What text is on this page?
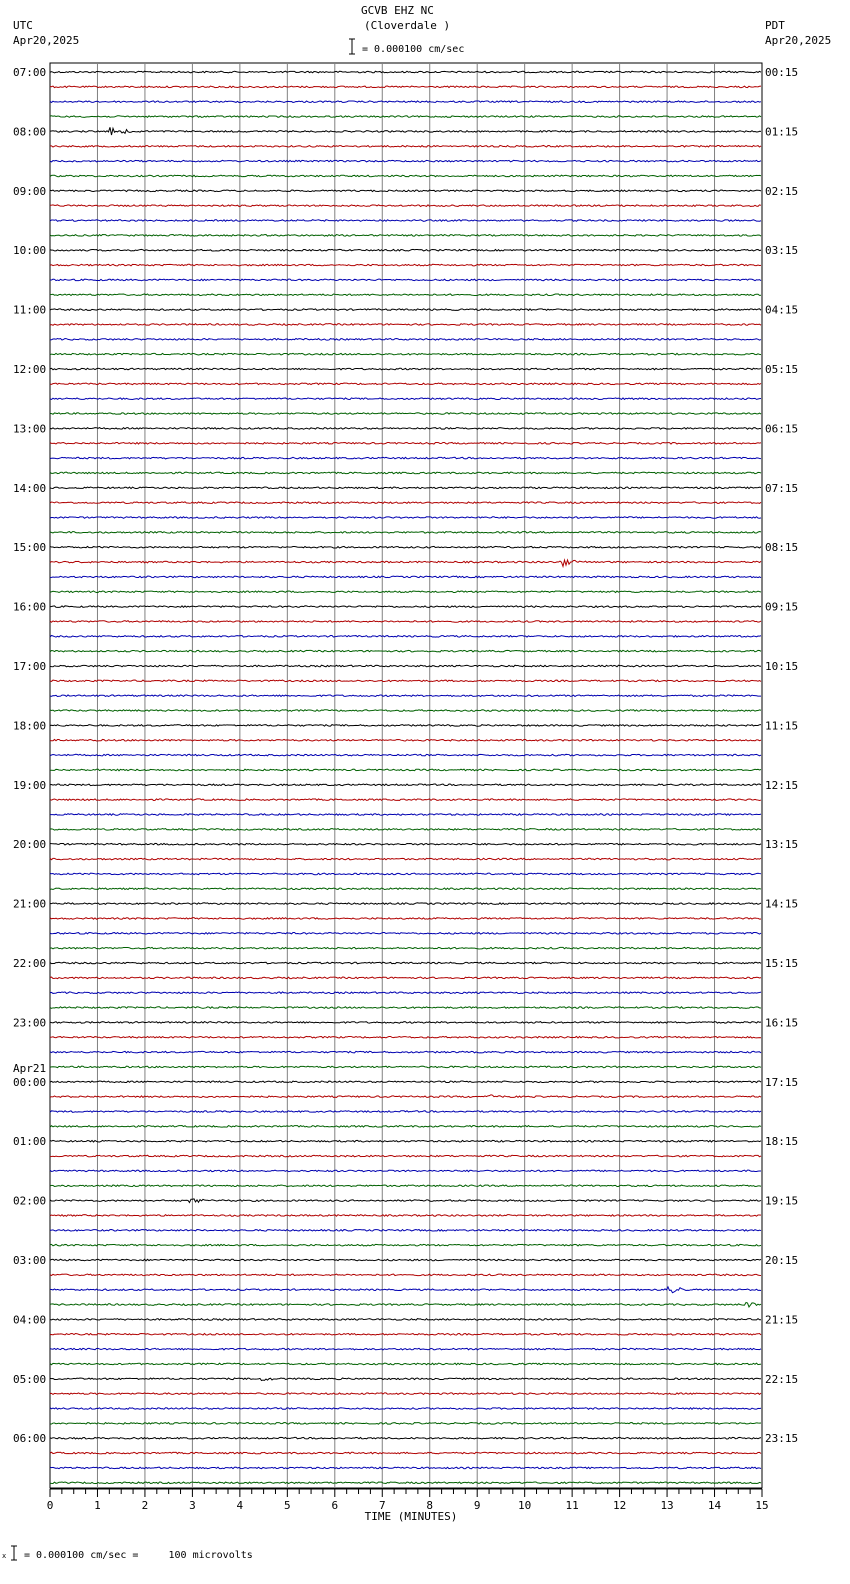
GCVB EHZ NC
(Cloverdale )
UTC
Apr20,2025
PDT
Apr20,2025
= 0.000100 cm/sec
07:00
08:00
09:00
10:00
11:00
12:00
13:00
14:00
15:00
16:00
17:00
18:00
19:00
20:00
21:00
22:00
23:00
00:00
Apr21
01:00
02:00
03:00
04:00
05:00
06:00
00:15
01:15
02:15
03:15
04:15
05:15
06:15
07:15
08:15
09:15
10:15
11:15
12:15
13:15
14:15
15:15
16:15
17:15
18:15
19:15
20:15
21:15
22:15
23:15
0	1	2	3	4	5	6	7	8	9	10	11	12	13	14	15
TIME (MINUTES)
x = 0.000100 cm/sec =     100 microvolts
